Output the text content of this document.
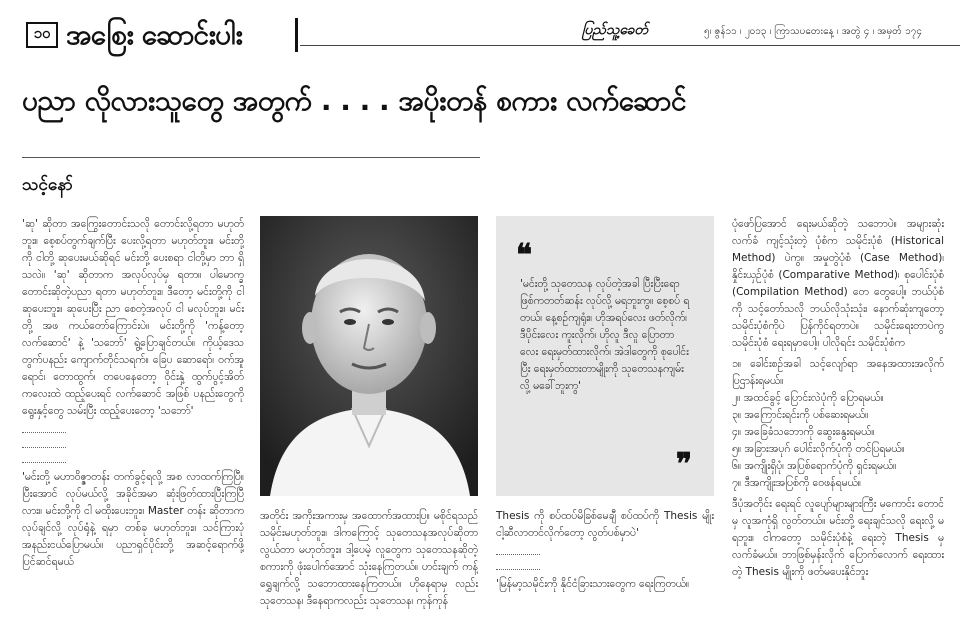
၁၀ အစြေး ဆောင်းပါး	ပြည်သူ့ခေတ်	၅၊ ဇွန်၁၁ ၊ ၂၀၁၃ ၊ ကြာသပတေးနေ့ ၊ အတွဲ ၄ ၊ အမှတ် ၁၇၄
ပညာ လိုလားသူတွေ အတွက် . . . . အပိုးတန် စကား လက်ဆောင်
သင့်နော်

'ဆု' ဆိုတာ အကြွေးတောင်းသလို တောင်းလို့ရတာ မဟုတ်ဘူး။ စေ့စပ်တွက်ချက်ပြီး ပေးလို့ရတာ မဟုတ်ဘူး။ မင်းတို့ကို ငါတို့ ဆုပေးမယ်ဆိုရင် မင်းတို့ ပေးစရာ ငါတို့မှာ ဘာ ရှိသလဲ။ 'ဆု' ဆိုတာက အလုပ်လုပ်မှ ရတာ။ ပါမောက္ခ တောင်းဆိုတဲ့ပညာ ရတာ မဟုတ်ဘူး။ ဒီတော့ မင်းတို့ကို ငါ ဆုပေးဘူး။ ဆုပေးပြီး ညာ စေတဲ့အလုပ် ငါ မလုပ်ဘူး။ မင်းတို့ အဖ ကယ်တော်ကြောင်းပဲ။ မင်းတို့ကို 'ကန့်တော့လက်ဆောင်' နဲ့ 'သဘော်' ရွဲ့ပြောချင်တယ်။ ကိုယ့်ဒေသတွက်ပနည်း ကျောက်တိုင်သရက်။ ခြေပ ဆောရော်၊ ဝက်အူရောင်၊ တောထွက်၊ တပေနေတော့ ဝိုင်းနှဲ့ ထွက်ပွင့်အိတ်ကလေးထဲ ထည့်ပေးရင် လက်ဆောင် အဖြစ် ပနည်းတွေကို ရွေးနှင့်တွေ သမ်းပြီး ထည့်ပေးတော့ 'သဘော်'

'မင်းတို့ မဟာဝိဇ္ဇာတန်း တက်ခွင့်ရလို့ အစ လာထက်ကြပြီ။ ပြီးအောင် လုပ်မယ်လို့ အခိုင်အမာ ဆုံးဖြတ်ထားပြီးကြပြီလား။ မင်းတို့ကို ငါ မထိုးပေးဘူး။ Master တန်း ဆိုတာက လုပ်ချင်လို့ လုပ်ရုံနဲ့ ရမှာ တစ်ခု မဟုတ်ဘူး။ သင်ကြားပုံ အနည်းငယ်ပြောမယ်။ ပညာရှင်ပိုင်းတို့ အဆင့်ရောက်ဖို့ ပြင်ဆင်ရမယ်

အတိုင်း အကိုးအကားမှ အထောက်အထားပြ။ မစိုင်ရသည် သမိုင်းမဟုတ်ဘူး။ ဒါကကြောင့် သုတေသနအလုပ်ဆိုတာ လွယ်တာ မဟုတ်ဘူး။ ဒါ့ပေမဲ့ လူတွေက သုတေသနဆိုတဲ့ စကားကို ဖုံးပေါက်အောင် သုံးနေကြတယ်။ ဟင်းချက် ကန့်ရွှေချက်လို့ သဘောထားနေကြတယ်။ ဟိုနေရာမှ လည်း သုတေသန၊ ဒီနေရာကလည်း သုတေသန၊ ကုန်ကုန်
❝
'မင်းတို့ သုတေသန လုပ်တဲ့အခါ ပြီးပြီးရော ဖြစ်ကတတ်ဆန်း လုပ်လို့ မရဘူးကွ။ စေ့စပ် ရတယ်၊ နေ့စဉ်ကျရုံး။ ဟိုအရပ်လေး ဖတ်လိုက်၊ ဒီပိုင်းလေး ကူးလိုက်၊ ဟိုလူ ဒီလူ ပြောတာလေး ရေးမှတ်ထားလိုက်၊ အဲဒါတွေကို စုပေါင်းပြီး ရေးမှတ်ထားတာမျိုးကို သုတေသနကျမ်းလို့ မခေါ်ဘူးကွ'
❞

Thesis ကို စပ်ထပ်မိခြစ်မေချီ စပ်ထပ်ကို Thesis မျိုး ငါ့ဆီလာတင်လိုက်တော့ လွတ်ပစ်မှာပဲ'

'မြန်မာ့သမိုင်းကို နိုင်ငံခြားသားတွေက ရေးကြတယ်။

ပုံဖော်ပြအောင် ရေးမယ်ဆိုတဲ့ သဘောပဲ။ အများဆုံး လက်ခံ ကျင့်သုံးတဲ့ ပုံစံက သမိုင်းပုံစံ (Historical Method) ပဲကွ။ အမှုတွဲပုံစံ (Case Method)၊ နှိုင်းယှဉ်ပုံစံ (Comparative Method)၊ စုပေါင်းပုံစံ (Compilation Method) တေ တွေပေါ့။ ဘယ်ပုံစံကို သင့်တော်သလို ဘယ်လိုသုံးသုံး၊ နောက်ဆုံးကျတော့ သမိုင်းပုံစံကိုပဲ ပြန်ကိုင်ရတာပဲ။ သမိုင်းရေးတာပဲကွ သမိုင်းပုံစံ ရေးရမှာပေါ့။ ပါလိုရင်း သမိုင်းပုံစံက

၁။ ခေါင်းစဉ်အခါ သင့်လျော်ရာ အနေအထားအလိုက် ပြဌာန်းရမယ်။
၂။ အထင်ခွင့် ပြောင်းလဲပုံကို ပြောရမယ်။
၃။ အကြောင်းရင်းကို ပစ်ဆေးရမယ်။
၄။ အခြေခံသဘောကို ဆွေးနွေးရမယ်။
၅။ အခြားအပုဂ် ပေါင်းလိုက်ပုံကို တင်ပြရမယ်။
၆။ အကျိုးရှိပုံ၊ အပြစ်ရောက်ပုံကို ရှင်းရမယ်။
၇။ ဒီအကျိုးအပြစ်ကို ဝေဖန်ရမယ်။

ဒီပုံအတိုင်း ရေးရင် လူပျော်များများကြီး မကောင်း တောင်မှ လူအကုံရှိ လွတ်တယ်။ မင်းတို့ ရေးချင်သလို ရေးလို့ မရဘူး။ ငါကတော့ သမိုင်းပုံစံနဲ့ ရေးတဲ့ Thesis မှ လက်ခံမယ်။ ဘာဖြစ်မှန်းလိုက် ပြောက်လောက် ရေးထားတဲ့ Thesis မျိုးကို ဖတ်မပေးနိုင်ဘူး
